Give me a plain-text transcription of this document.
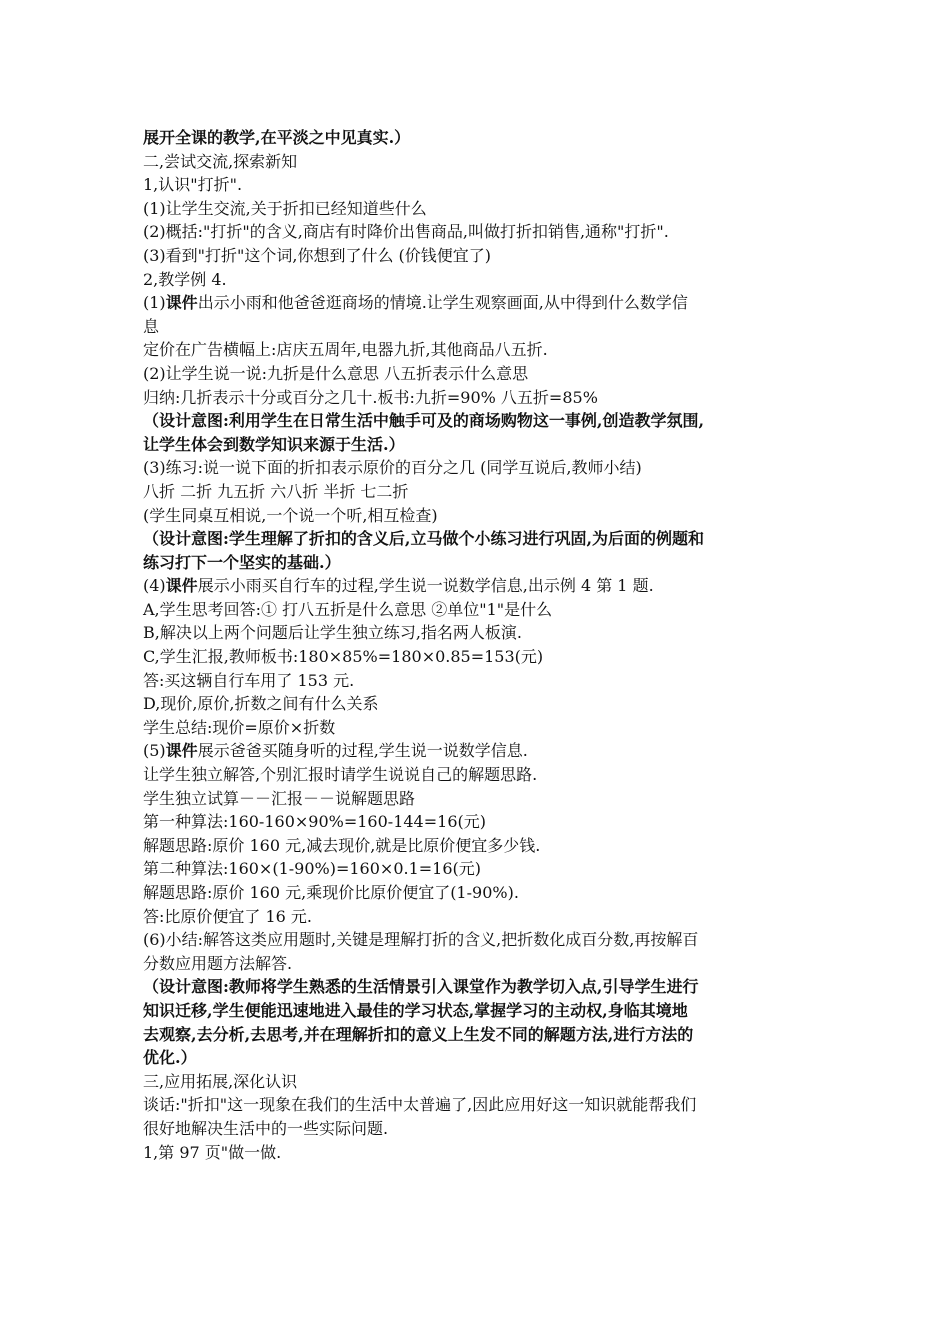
展开全课的教学,在平淡之中见真实.）
二,尝试交流,探索新知
1,认识"打折".
(1)让学生交流,关于折扣已经知道些什么
(2)概括:"打折"的含义,商店有时降价出售商品,叫做打折扣销售,通称"打折".
(3)看到"打折"这个词,你想到了什么 (价钱便宜了)
2,教学例 4.
(1)课件出示小雨和他爸爸逛商场的情境.让学生观察画面,从中得到什么数学信
息
定价在广告横幅上:店庆五周年,电器九折,其他商品八五折.
(2)让学生说一说:九折是什么意思 八五折表示什么意思
归纳:几折表示十分或百分之几十.板书:九折=90% 八五折=85%
（设计意图:利用学生在日常生活中触手可及的商场购物这一事例,创造教学氛围,
让学生体会到数学知识来源于生活.）
(3)练习:说一说下面的折扣表示原价的百分之几 (同学互说后,教师小结)
八折 二折 九五折 六八折 半折 七二折
(学生同桌互相说,一个说一个听,相互检查)
（设计意图:学生理解了折扣的含义后,立马做个小练习进行巩固,为后面的例题和
练习打下一个坚实的基础.）
(4)课件展示小雨买自行车的过程,学生说一说数学信息,出示例 4 第 1 题.
A,学生思考回答:① 打八五折是什么意思 ②单位"1"是什么
B,解决以上两个问题后让学生独立练习,指名两人板演.
C,学生汇报,教师板书:180×85%=180×0.85=153(元)
答:买这辆自行车用了 153 元.
D,现价,原价,折数之间有什么关系
学生总结:现价=原价×折数
(5)课件展示爸爸买随身听的过程,学生说一说数学信息.
让学生独立解答,个别汇报时请学生说说自己的解题思路.
学生独立试算－－汇报－－说解题思路
第一种算法:160-160×90%=160-144=16(元)
解题思路:原价 160 元,减去现价,就是比原价便宜多少钱.
第二种算法:160×(1-90%)=160×0.1=16(元)
解题思路:原价 160 元,乘现价比原价便宜了(1-90%).
答:比原价便宜了 16 元.
(6)小结:解答这类应用题时,关键是理解打折的含义,把折数化成百分数,再按解百
分数应用题方法解答.
（设计意图:教师将学生熟悉的生活情景引入课堂作为教学切入点,引导学生进行
知识迁移,学生便能迅速地进入最佳的学习状态,掌握学习的主动权,身临其境地
去观察,去分析,去思考,并在理解折扣的意义上生发不同的解题方法,进行方法的
优化.）
三,应用拓展,深化认识
谈话:"折扣"这一现象在我们的生活中太普遍了,因此应用好这一知识就能帮我们
很好地解决生活中的一些实际问题.
1,第 97 页"做一做.
